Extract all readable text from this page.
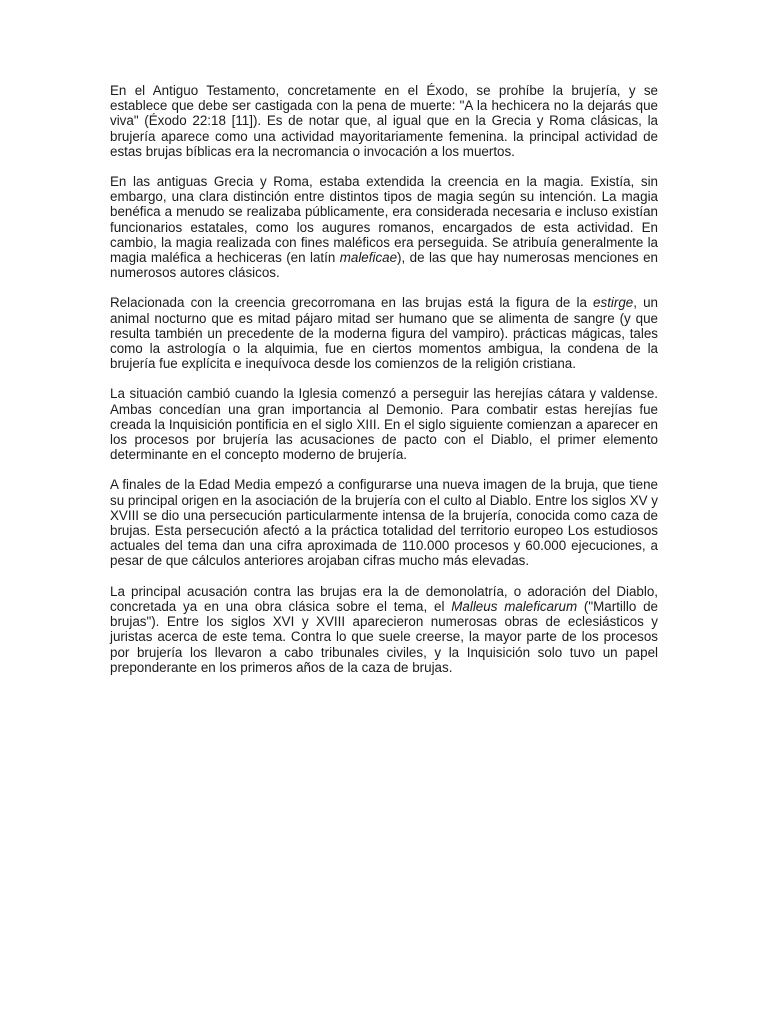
En el Antiguo Testamento, concretamente en el Éxodo, se prohíbe la brujería, y se establece que debe ser castigada con la pena de muerte: "A la hechicera no la dejarás que viva" (Éxodo 22:18 [11]). Es de notar que, al igual que en la Grecia y Roma clásicas, la brujería aparece como una actividad mayoritariamente femenina. la principal actividad de estas brujas bíblicas era la necromancia o invocación a los muertos.

En las antiguas Grecia y Roma, estaba extendida la creencia en la magia. Existía, sin embargo, una clara distinción entre distintos tipos de magia según su intención. La magia benéfica a menudo se realizaba públicamente, era considerada necesaria e incluso existían funcionarios estatales, como los augures romanos, encargados de esta actividad. En cambio, la magia realizada con fines maléficos era perseguida. Se atribuía generalmente la magia maléfica a hechiceras (en latín maleficae), de las que hay numerosas menciones en numerosos autores clásicos.

Relacionada con la creencia grecorromana en las brujas está la figura de la estirge, un animal nocturno que es mitad pájaro mitad ser humano que se alimenta de sangre (y que resulta también un precedente de la moderna figura del vampiro). prácticas mágicas, tales como la astrología o la alquimia, fue en ciertos momentos ambigua, la condena de la brujería fue explícita e inequívoca desde los comienzos de la religión cristiana.

La situación cambió cuando la Iglesia comenzó a perseguir las herejías cátara y valdense. Ambas concedían una gran importancia al Demonio. Para combatir estas herejías fue creada la Inquisición pontificia en el siglo XIII. En el siglo siguiente comienzan a aparecer en los procesos por brujería las acusaciones de pacto con el Diablo, el primer elemento determinante en el concepto moderno de brujería.

A finales de la Edad Media empezó a configurarse una nueva imagen de la bruja, que tiene su principal origen en la asociación de la brujería con el culto al Diablo. Entre los siglos XV y XVIII se dio una persecución particularmente intensa de la brujería, conocida como caza de brujas. Esta persecución afectó a la práctica totalidad del territorio europeo Los estudiosos actuales del tema dan una cifra aproximada de 110.000 procesos y 60.000 ejecuciones, a pesar de que cálculos anteriores arojaban cifras mucho más elevadas.

La principal acusación contra las brujas era la de demonolatría, o adoración del Diablo, concretada ya en una obra clásica sobre el tema, el Malleus maleficarum ("Martillo de brujas"). Entre los siglos XVI y XVIII aparecieron numerosas obras de eclesiásticos y juristas acerca de este tema. Contra lo que suele creerse, la mayor parte de los procesos por brujería los llevaron a cabo tribunales civiles, y la Inquisición solo tuvo un papel preponderante en los primeros años de la caza de brujas.
